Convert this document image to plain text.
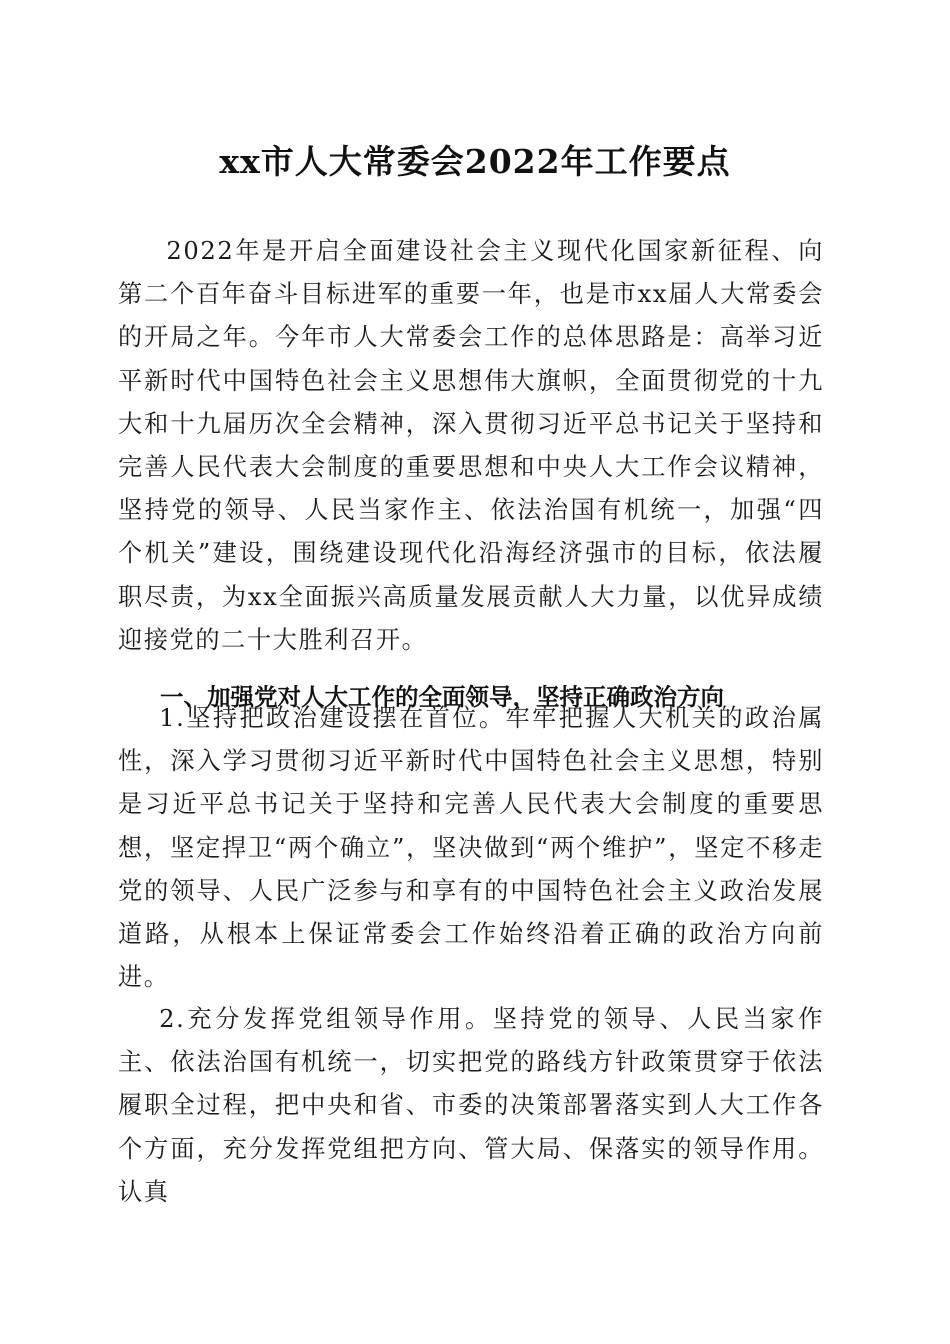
xx市人大常委会2022年工作要点
2022年是开启全面建设社会主义现代化国家新征程、向第二个百年奋斗目标进军的重要一年，也是市xx届人大常委会的开局之年。今年市人大常委会工作的总体思路是：高举习近平新时代中国特色社会主义思想伟大旗帜，全面贯彻党的十九大和十九届历次全会精神，深入贯彻习近平总书记关于坚持和完善人民代表大会制度的重要思想和中央人大工作会议精神，坚持党的领导、人民当家作主、依法治国有机统一，加强“四个机关”建设，围绕建设现代化沿海经济强市的目标，依法履职尽责，为xx全面振兴高质量发展贡献人大力量，以优异成绩迎接党的二十大胜利召开。
一、加强党对人大工作的全面领导，坚持正确政治方向
1.坚持把政治建设摆在首位。牢牢把握人大机关的政治属性，深入学习贯彻习近平新时代中国特色社会主义思想，特别是习近平总书记关于坚持和完善人民代表大会制度的重要思想，坚定捍卫“两个确立”，坚决做到“两个维护”，坚定不移走党的领导、人民广泛参与和享有的中国特色社会主义政治发展道路，从根本上保证常委会工作始终沿着正确的政治方向前进。
2.充分发挥党组领导作用。坚持党的领导、人民当家作主、依法治国有机统一，切实把党的路线方针政策贯穿于依法履职全过程，把中央和省、市委的决策部署落实到人大工作各个方面，充分发挥党组把方向、管大局、保落实的领导作用。认真
